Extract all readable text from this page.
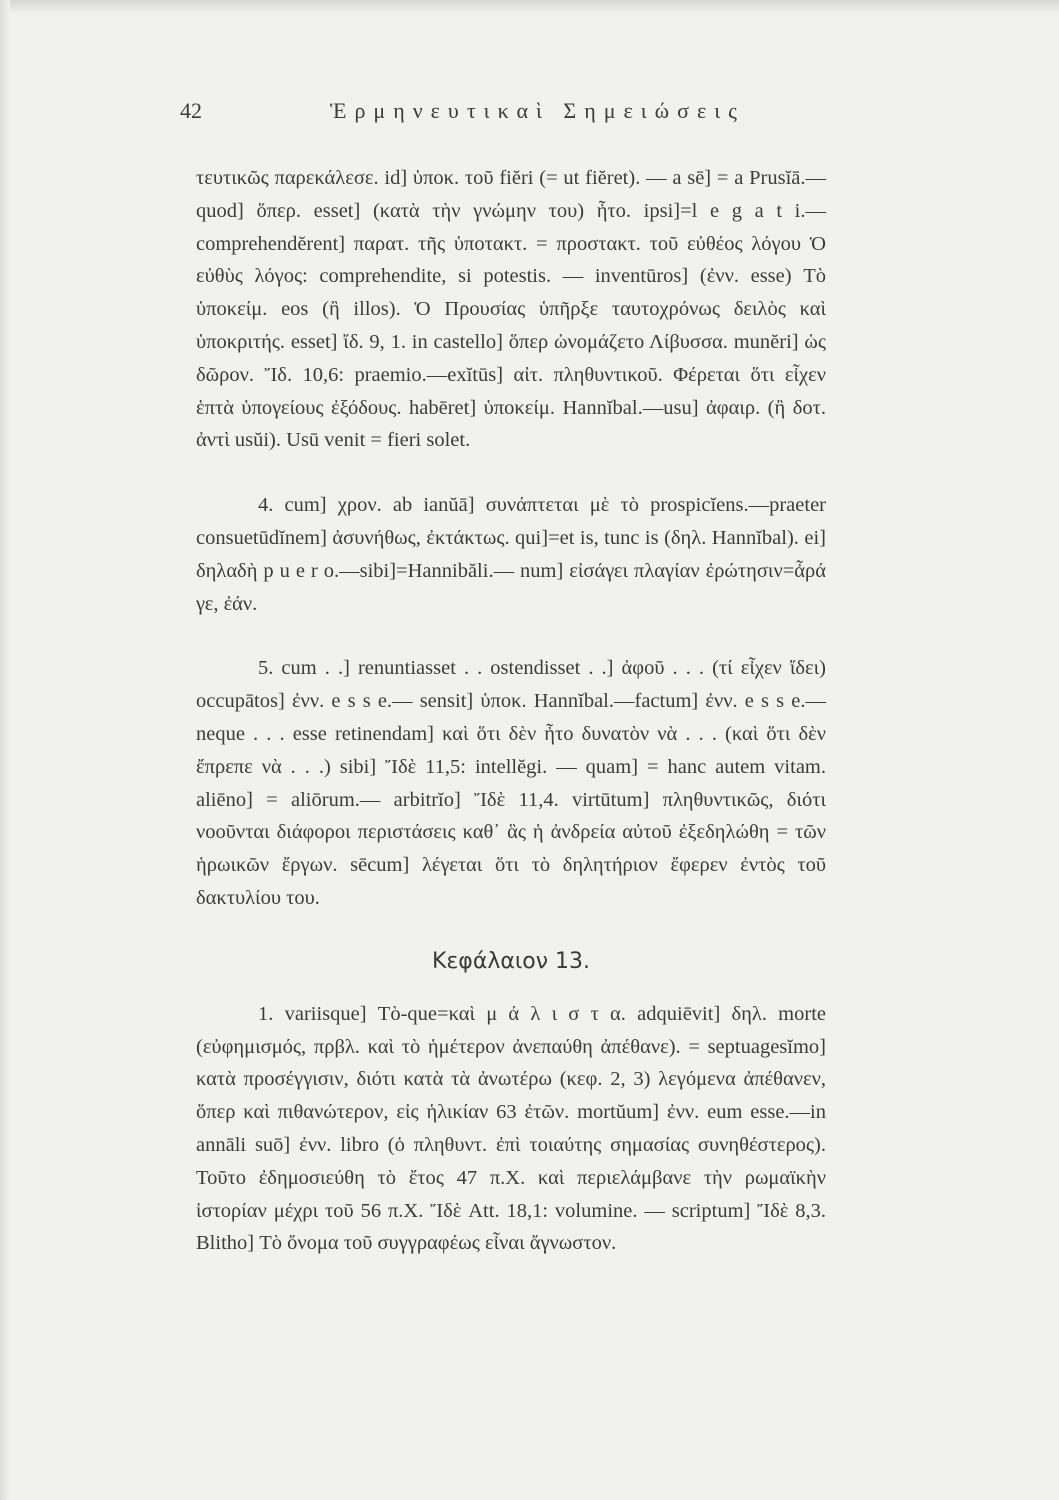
42	Ἑρμηνευτικαὶ Σημειώσεις

τευτικῶς παρεκάλεσε. id] ὑποκ. τοῦ fiĕri (= ut fiĕret). — a sē] = a Prusĭā.—quod] ὅπερ. esset] (κατὰ τὴν γνώμην του) ἦτο. ipsi]=l e g a t i.—comprehendĕrent] παρατ. τῆς ὑποτακτ. = προστακτ. τοῦ εὐθέος λόγου Ὁ εὐθὺς λόγος: comprehendite, si potestis. — inventūros] (ἐνν. esse) Τὸ ὑποκείμ. eos (ἢ illos). Ὁ Προυσίας ὑπῆρξε ταυτοχρόνως δειλὸς καὶ ὑποκριτής. esset] ἴδ. 9, 1. in castello] ὅπερ ὠνομάζετο Λίβυσσα. munĕri] ὡς δῶρον. Ἴδ. 10,6: praemio.—exĭtūs] αἰτ. πληθυντικοῦ. Φέρεται ὅτι εἶχεν ἑπτὰ ὑπογείους ἐξόδους. habēret] ὑποκείμ. Hannĭbal.—usu] ἀφαιρ. (ἢ δοτ. ἀντὶ usŭi). Usū venit = fieri solet.

4. cum] χρον. ab ianŭā] συνάπτεται μὲ τὸ prospicĭens.—praeter consuetūdĭnem] ἀσυνήθως, ἐκτάκτως. qui]=et is, tunc is (δηλ. Hannĭbal). ei] δηλαδὴ p u e r o.—sibi]=Hannibăli.— num] εἰσάγει πλαγίαν ἐρώτησιν=ἆρά γε, ἐάν.

5. cum . .] renuntiasset . . ostendisset . .] ἀφοῦ . . . (τί εἶχεν ἴδει) occupātos] ἐνν. e s s e.— sensit] ὑποκ. Hannĭbal.—factum] ἐνν. e s s e.— neque . . . esse retinendam] καὶ ὅτι δὲν ἦτο δυνατὸν νὰ . . . (καὶ ὅτι δὲν ἔπρεπε νὰ . . .) sibi] Ἴδὲ 11,5: intellĕgi. — quam] = hanc autem vitam. aliēno] = aliōrum.— arbitrĭo] Ἴδὲ 11,4. virtūtum] πληθυντικῶς, διότι νοοῦνται διάφοροι περιστάσεις καθ᾽ ἃς ἡ ἀνδρεία αὐτοῦ ἐξεδηλώθη = τῶν ἡρωικῶν ἔργων. sēcum] λέγεται ὅτι τὸ δηλητήριον ἔφερεν ἐντὸς τοῦ δακτυλίου του.

Κεφάλαιον 13.

1. variisque] Τὸ-que=καὶ μ ά λ ι σ τ α. adquiēvit] δηλ. morte (εὐφημισμός, πρβλ. καὶ τὸ ἡμέτερον ἀνεπαύθη ἀπέθανε). = septuagesĭmo] κατὰ προσέγγισιν, διότι κατὰ τὰ ἀνωτέρω (κεφ. 2, 3) λεγόμενα ἀπέθανεν, ὅπερ καὶ πιθανώτερον, εἰς ἡλικίαν 63 ἐτῶν. mortŭum] ἐνν. eum esse.—in annāli suō] ἐνν. libro (ὁ πληθυντ. ἐπὶ τοιαύτης σημασίας συνηθέστερος). Τοῦτο ἐδημοσιεύθη τὸ ἔτος 47 π.Χ. καὶ περιελάμβανε τὴν ρωμαϊκὴν ἱστορίαν μέχρι τοῦ 56 π.Χ. Ἴδὲ Att. 18,1: volumine. — scriptum] Ἴδὲ 8,3. Blitho] Τὸ ὄνομα τοῦ συγγραφέως εἶναι ἄγνωστον.
